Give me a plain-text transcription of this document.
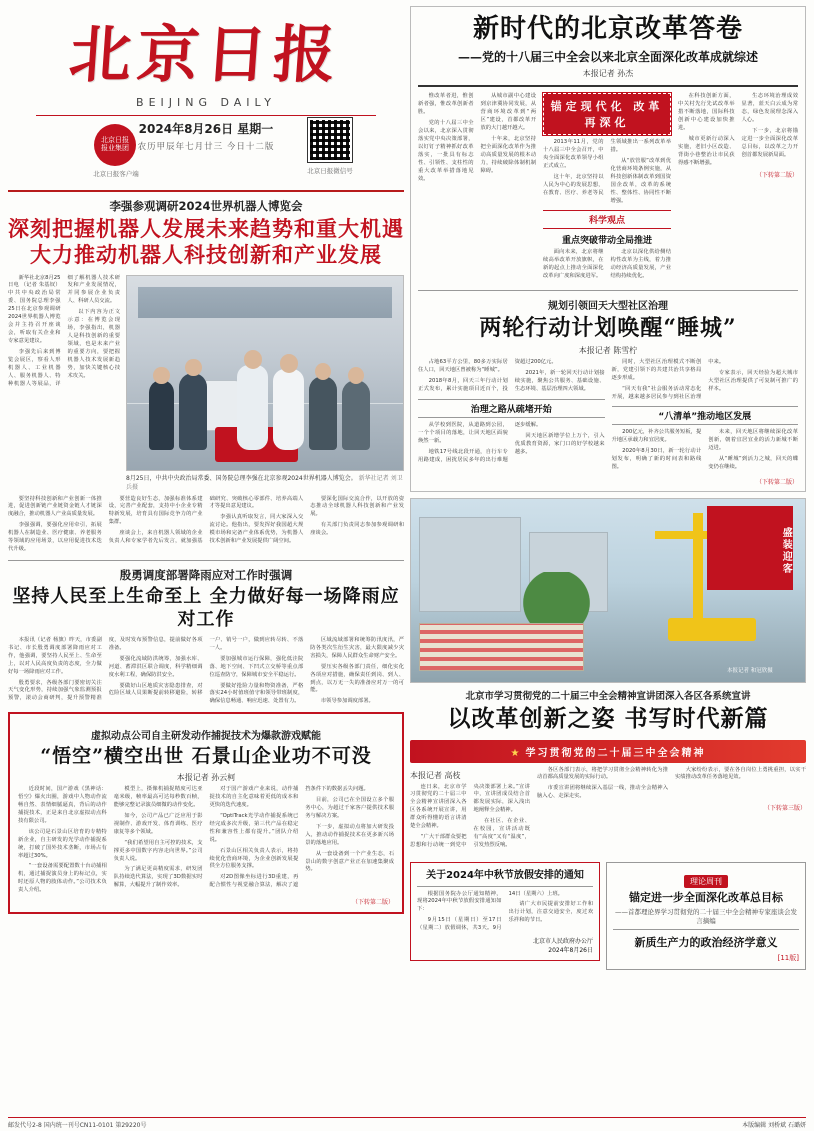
北京日报
BEIJING DAILY
2024年8月26日 星期一
农历甲辰年七月廿三 今日十二版
北京日报报业集团
北京日报客户端	北京日报微信号
李强参观调研2024世界机器人博览会
深刻把握机器人发展未来趋势和重大机遇
大力推动机器人科技创新和产业发展

新华社北京8月25日电 （记者 朱基钗）中共中央政治局常委、国务院总理李强25日在北京参观调研2024世界机器人博览会并主持召开座谈会，听取有关企业和专家意见建议。

李强先后来到博览会展区，察看人形机器人、工业机器人、服务机器人、特种机器人等展品，详细了解机器人技术研发和产业发展情况，并同参展企业负责人、科研人员交流。

以下内容为正文示意：在博览会现场，李强指出，机器人是科技创新的重要领域，也是未来产业的重要方向，要把握机器人技术发展新趋势，加快关键核心技术攻关。

8月25日，中共中央政治局常委、国务院总理李强在北京参观2024世界机器人博览会。 新华社记者 刘卫兵摄

要坚持科技创新和产业创新一体推进，促进创新链产业链资金链人才链深度融合，推动机器人产业高质量发展。

李强强调，要强化应用牵引，拓展机器人在制造业、医疗健康、养老服务等领域的应用场景，以应用促进技术迭代升级。

要营造良好生态，加强标准体系建设，完善产业配套，支持中小企业专精特新发展，培育具有国际竞争力的产业集群。

座谈会上，来自机器人领域的企业负责人和专家学者先后发言，就加强基础研究、突破核心零部件、培养高端人才等提出意见建议。

李强认真听取发言，同大家深入交流讨论。他指出，要发挥好我国超大规模市场和完备产业体系优势，为机器人技术创新和产业发展提供广阔空间。

要深化国际交流合作，以开放的姿态推动全球机器人科技创新和产业发展。

有关部门负责同志参加参观调研和座谈会。

殷勇调度部署降雨应对工作时强调
坚持人民至上生命至上 全力做好每一场降雨应对工作

本报讯（记者 杨旗）昨天，市委副书记、市长殷勇调度部署降雨应对工作，他强调，要坚持人民至上、生命至上，以对人民高度负责的态度，全力做好每一场降雨应对工作。

殷勇要求，各级各部门要密切关注天气变化形势，持续加强气象监测预报预警，滚动会商研判，提升预警精准度，及时发布预警信息，提前做好各项准备。

要强化流域防洪统筹，加强水库、河道、蓄滞洪区联合调度，科学精细调度水利工程，确保防洪安全。

要做好山区地质灾害隐患排查，对危险区域人员果断提前转移避险，转移一户、销号一户，做到应转尽转、不落一人。

要加强城市运行保障，强化低洼院落、地下空间、下凹式立交桥等重点部位巡查防守，保障城市安全平稳运行。

要做好抢险力量和物资准备，严格落实24小时值班值守和领导带班制度，确保信息畅通、响应迅速、处置有力。

区域流域部署和统筹防汛度汛，严防各类次生衍生灾害，最大限度减少灾害损失，保障人民群众生命财产安全。

要压实各级各部门责任，细化实化各项应对措施，确保责任到岗、到人、到点，以万无一失的准备应对万一的可能。

市领导参加调度部署。

虚拟动点公司自主研发动作捕捉技术为爆款游戏赋能
“悟空”横空出世 石景山企业功不可没
本报记者 孙云柯

近段时间，国产游戏《黑神话：悟空》爆火出圈，游戏中人物动作流畅自然、表情细腻逼真，背后的动作捕捉技术，正是来自北京虚拟动点科技有限公司。

该公司是石景山区培育的专精特新企业，自主研发的光学动作捕捉系统，打破了国外技术垄断，市场占有率超过30%。

“一套设备需要配置数十台动捕相机，通过捕捉演员身上的标记点，实时还原人物的肢体动作。”公司技术负责人介绍。

模型上，摄像机捕捉精度可达亚毫米级，帧率最高可达每秒数百帧，能够完整记录演员细微的动作变化。

如今，公司产品已广泛应用于影视制作、游戏开发、体育训练、医疗康复等多个领域。

“我们希望用自主可控的技术，支撑更多中国数字内容走向世界。”公司负责人说。

为了满足更高精度需求，研发团队持续迭代算法，实现了3D数据实时解算，大幅提升了制作效率。

对于国产游戏产业来说，动作捕捉技术的自主化意味着更低的成本和更快的迭代速度。

“OptiTrack光学动作捕捉系统已经完成多次升级，第三代产品在稳定性和兼容性上都有提升。”团队介绍说。

石景山区相关负责人表示，将持续优化营商环境，为企业创新发展提供全方位服务支撑。

对2D图像坐标进行3D重建，再配合惯性与视觉融合算法，解决了遮挡条件下的数据丢失问题。

目前，公司已在全国设立多个服务中心，为超过千家客户提供技术服务与解决方案。

下一步，虚拟动点将加大研发投入，推动动作捕捉技术在更多新兴场景的落地应用。

从一套设备到一个产业生态，石景山的数字创意产业正在加速集聚成势。

（下转第二版）
新时代的北京改革答卷
——党的十八届三中全会以来北京全面深化改革成就综述
本报记者 孙杰

惟改革者进，惟创新者强，惟改革创新者胜。

党的十八届三中全会以来，北京深入贯彻落实党中央决策部署，以钉钉子精神抓好改革落实，一批具有标志性、引领性、支柱性的重大改革举措落地见效。

从城市副中心建设到京津冀协同发展，从营商环境改革到“两区”建设，首都改革开放的大门越开越大。

十年来，北京坚持把全面深化改革作为推动高质量发展的根本动力，持续破除体制机制障碍。

锚定现代化 改革再深化

2013年11月，党的十八届三中全会召开，中央全面深化改革领导小组正式成立。

这十年，北京坚持以人民为中心的发展思想，在教育、医疗、养老等民生领域推出一系列改革举措。

从“放管服”改革到优化营商环境条例实施，从科技创新体制改革到国资国企改革，改革的系统性、整体性、协同性不断增强。

科学观点
重点突破带动全局推进

面向未来，北京将继续高举改革开放旗帜，在新的起点上推动全面深化改革向广度和深度进军。

北京以深化供给侧结构性改革为主线，着力推动经济高质量发展，产业结构持续优化。

在科技创新方面，中关村先行先试改革举措不断落地，国际科技创新中心建设加快推进。

城市更新行动深入实施，老旧小区改造、背街小巷整治让市民获得感不断增强。

生态环境治理成效显著，蓝天白云成为常态，绿色发展理念深入人心。

下一步，北京将锚定进一步全面深化改革总目标，以改革之力开创首都发展新局面。

（下转第二版）
规划引领回天大型社区治理
两轮行动计划唤醒“睡城”
本报记者 陈雪柠

占地63平方公里，80多万实际居住人口，回天地区曾被称为“睡城”。

2018年8月，回天三年行动计划正式发布，累计实施项目近百个，投资超过200亿元。

2021年，新一轮回天行动计划接续实施，聚焦公共服务、基础设施、生态环境、基层治理四大领域。

治理之路从疏堵开始

从学校到医院，从道路到公园，一个个项目的落地，让回天地区面貌焕然一新。

地铁17号线北段开通，自行车专用路建成，困扰居民多年的出行难题逐步缓解。

回天地区新增学位上万个，引入优质教育资源，家门口的好学校越来越多。

同时，大型社区治理模式不断创新，党建引领下的共建共治共享格局逐步形成。

“回天有我”社会服务活动常态化开展，越来越多居民参与到社区治理中来。

专家表示，回天经验为超大城市大型社区治理提供了可复制可推广的样本。

“八清单”推动地区发展

200亿元，补齐公共服务短板，提升地区承载力和宜居度。

2020年8月30日，新一轮行动计划发布，明确了新的时间表和路线图。

未来，回天地区将继续深化改革创新，朝着宜居宜业的活力新城不断迈进。

从“睡城”到活力之城，回天的蝶变仍在继续。

（下转第二版）
盛装迎客
本报记者 和冠欣摄
北京市学习贯彻党的二十届三中全会精神宣讲团深入各区各系统宣讲
以改革创新之姿 书写时代新篇
★ 学习贯彻党的二十届三中全会精神
本报记者 高枝

连日来，北京市学习贯彻党的二十届三中全会精神宣讲团深入各区各系统开展宣讲，用群众听得懂的语言讲清楚全会精神。

“广大干部群众要把思想和行动统一到党中央决策部署上来。”宣讲中，宣讲团成员结合首都发展实际，深入浅出地阐释全会精神。

在社区、在企业、在校园，宣讲活动既有“高度”又有“温度”，引发热烈反响。

各区各部门表示，将把学习贯彻全会精神转化为推动首都高质量发展的实际行动。

市委宣讲团将继续深入基层一线，推动全会精神入脑入心、走深走实。

大家纷纷表示，要在各自岗位上勇挑重担，以实干实绩推动改革任务落地见效。

（下转第三版）
关于2024年中秋节放假安排的通知

根据国务院办公厅通知精神，现将2024年中秋节放假安排通知如下：

9月15日（星期日）至17日（星期二）放假调休，共3天。9月14日（星期六）上班。

请广大市民提前安排好工作和出行计划，注意交通安全，度过欢乐祥和的节日。

北京市人民政府办公厅
2024年8月26日
理论周刊
锚定进一步全面深化改革总目标
——首都理论界学习贯彻党的二十届三中全会精神专家座谈会发言摘编
新质生产力的政治经济学意义
[11版]
邮发代号2-8 国内统一刊号CN11-0101 第29220号	本版编辑 刘桥斌 石璐妍
